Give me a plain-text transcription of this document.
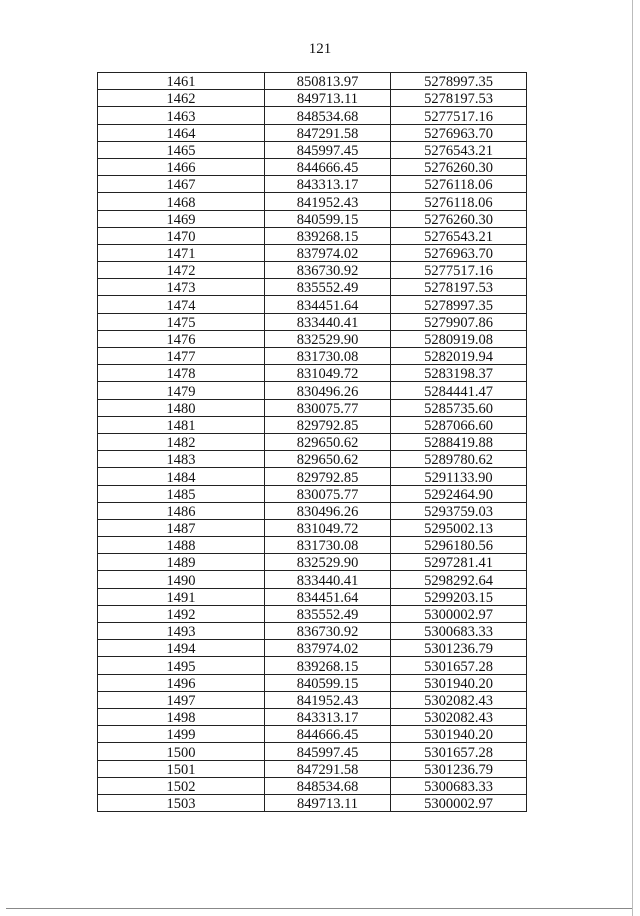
121
1461	850813.97	5278997.35
1462	849713.11	5278197.53
1463	848534.68	5277517.16
1464	847291.58	5276963.70
1465	845997.45	5276543.21
1466	844666.45	5276260.30
1467	843313.17	5276118.06
1468	841952.43	5276118.06
1469	840599.15	5276260.30
1470	839268.15	5276543.21
1471	837974.02	5276963.70
1472	836730.92	5277517.16
1473	835552.49	5278197.53
1474	834451.64	5278997.35
1475	833440.41	5279907.86
1476	832529.90	5280919.08
1477	831730.08	5282019.94
1478	831049.72	5283198.37
1479	830496.26	5284441.47
1480	830075.77	5285735.60
1481	829792.85	5287066.60
1482	829650.62	5288419.88
1483	829650.62	5289780.62
1484	829792.85	5291133.90
1485	830075.77	5292464.90
1486	830496.26	5293759.03
1487	831049.72	5295002.13
1488	831730.08	5296180.56
1489	832529.90	5297281.41
1490	833440.41	5298292.64
1491	834451.64	5299203.15
1492	835552.49	5300002.97
1493	836730.92	5300683.33
1494	837974.02	5301236.79
1495	839268.15	5301657.28
1496	840599.15	5301940.20
1497	841952.43	5302082.43
1498	843313.17	5302082.43
1499	844666.45	5301940.20
1500	845997.45	5301657.28
1501	847291.58	5301236.79
1502	848534.68	5300683.33
1503	849713.11	5300002.97
